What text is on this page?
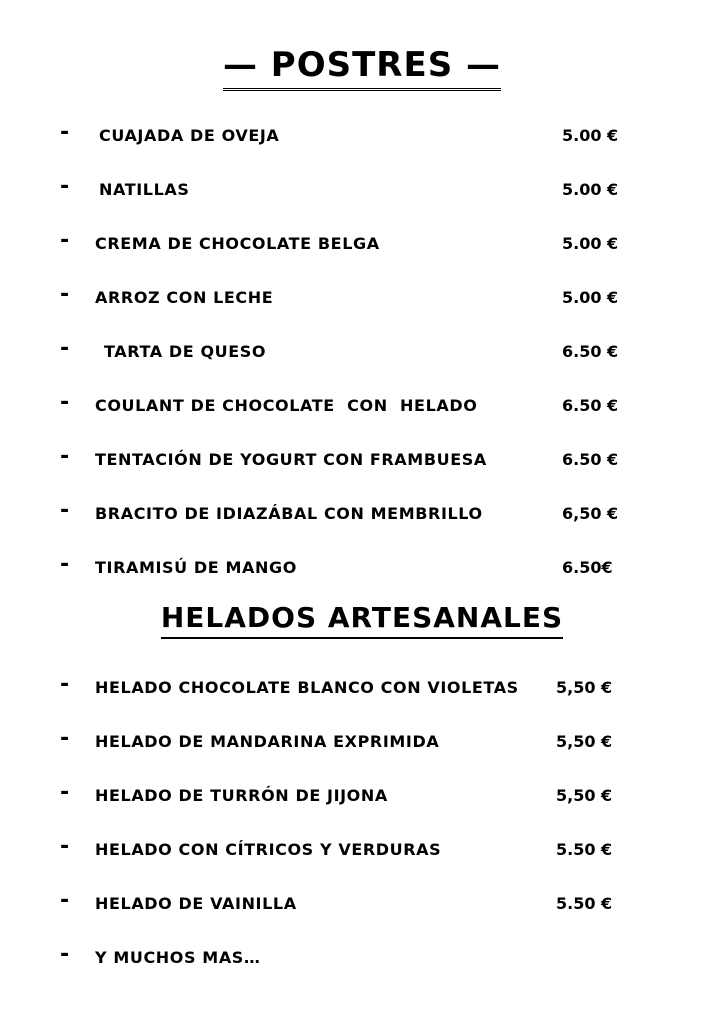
— POSTRES —
- CUAJADA DE OVEJA	5.00 €
- NATILLAS	5.00 €
- CREMA DE CHOCOLATE BELGA	5.00 €
- ARROZ CON LECHE	5.00 €
- TARTA DE QUESO	6.50 €
- COULANT DE CHOCOLATE  CON  HELADO	6.50 €
- TENTACIÓN DE YOGURT CON FRAMBUESA	6.50 €
- BRACITO DE IDIAZÁBAL CON MEMBRILLO	6,50 €
- TIRAMISÚ DE MANGO	6.50€
HELADOS ARTESANALES
- HELADO CHOCOLATE BLANCO CON VIOLETAS 5,50 €
- HELADO DE MANDARINA EXPRIMIDA	5,50 €
- HELADO DE TURRÓN DE JIJONA	5,50 €
- HELADO CON CÍTRICOS Y VERDURAS	5.50 €
- HELADO DE VAINILLA	5.50 €
- Y MUCHOS MAS…
